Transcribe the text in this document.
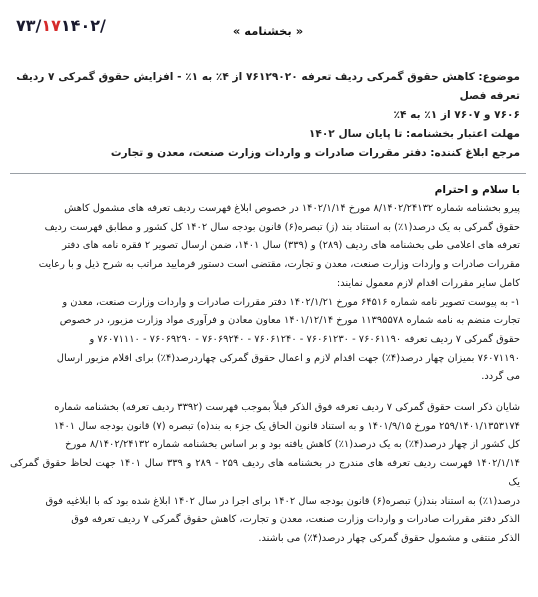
۷۳/۱۷۱۴۰۲/	« بخشنامه »

موضوع: کاهش حقوق گمرکی ردیف تعرفه ۷۶۱۲۹۰۲۰ از ۴٪ به ۱٪ - افزایش حقوق گمرکی ۷ ردیف تعرفه فصل

۷۶۰۶ و ۷۶۰۷ از ۱٪ به ۴٪

مهلت اعتبار بخشنامه: تا پایان سال ۱۴۰۲

مرجع ابلاغ کننده: دفتر مقررات صادرات و واردات وزارت صنعت، معدن و تجارت

با سلام و احترام

پیرو بخشنامه شماره ۸/۱۴۰۲/۲۴۱۳۲ مورخ ۱۴۰۲/۱/۱۴ در خصوص ابلاغ فهرست ردیف تعرفه های مشمول کاهش

حقوق گمرکی به یک درصد(۱٪) به استناد بند (ز) تبصره(۶) قانون بودجه سال ۱۴۰۲ کل کشور و مطابق فهرست ردیف

تعرفه های اعلامی طی بخشنامه های ردیف (۲۸۹) و (۳۳۹) سال ۱۴۰۱، ضمن ارسال تصویر ۲ فقره نامه های دفتر

مقررات صادرات و واردات وزارت صنعت، معدن و تجارت، مقتضی است دستور فرمایید مراتب به شرح ذیل و با رعایت

کامل سایر مقررات اقدام لازم معمول نمایند:

۱- به پیوست تصویر نامه شماره ۶۴۵۱۶ مورخ ۱۴۰۲/۱/۲۱ دفتر مقررات صادرات و واردات وزارت صنعت، معدن و

تجارت منضم به نامه شماره ۱۱۳۹۵۵۷۸ مورخ ۱۴۰۱/۱۲/۱۴ معاون معادن و فرآوری مواد وزارت مزبور، در خصوص

حقوق گمرکی ۷ ردیف تعرفه ۷۶۰۶۱۱۹۰ - ۷۶۰۶۱۲۳۰ - ۷۶۰۶۱۲۴۰ - ۷۶۰۶۹۲۴۰ - ۷۶۰۶۹۲۹۰ - ۷۶۰۷۱۱۱۰ و

۷۶۰۷۱۱۹۰ بمیزان چهار درصد(۴٪) جهت اقدام لازم و اعمال حقوق گمرکی چهاردرصد(۴٪) برای اقلام مزبور ارسال

می گردد.

شایان ذکر است حقوق گمرکی ۷ ردیف تعرفه فوق الذکر قبلاً بموجب فهرست (۳۳۹۲ ردیف تعرفه) بخشنامه شماره

۲۵۹/۱۴۰۱/۱۳۵۳۱۷۴ مورخ ۱۴۰۱/۹/۱۵ و به استناد قانون الحاق یک جزء به بند(ه) تبصره (۷) قانون بودجه سال ۱۴۰۱

کل کشور از چهار درصد(۴٪) به یک درصد(۱٪) کاهش یافته بود و بر اساس بخشنامه شماره ۸/۱۴۰۲/۲۴۱۳۲ مورخ

۱۴۰۲/۱/۱۴ فهرست ردیف تعرفه های مندرج در بخشنامه های ردیف ۲۵۹ - ۲۸۹ و ۳۳۹ سال ۱۴۰۱ جهت لحاظ حقوق گمرکی یک

درصد(۱٪) به استناد بند(ز) تبصره(۶) قانون بودجه سال ۱۴۰۲ برای اجرا در سال ۱۴۰۲ ابلاغ شده بود که با ابلاغیه فوق

الذکر دفتر مقررات صادرات و واردات وزارت صنعت، معدن و تجارت، کاهش حقوق گمرکی ۷ ردیف تعرفه فوق

الذکر منتفی و مشمول حقوق گمرکی چهار درصد(۴٪) می باشند.
